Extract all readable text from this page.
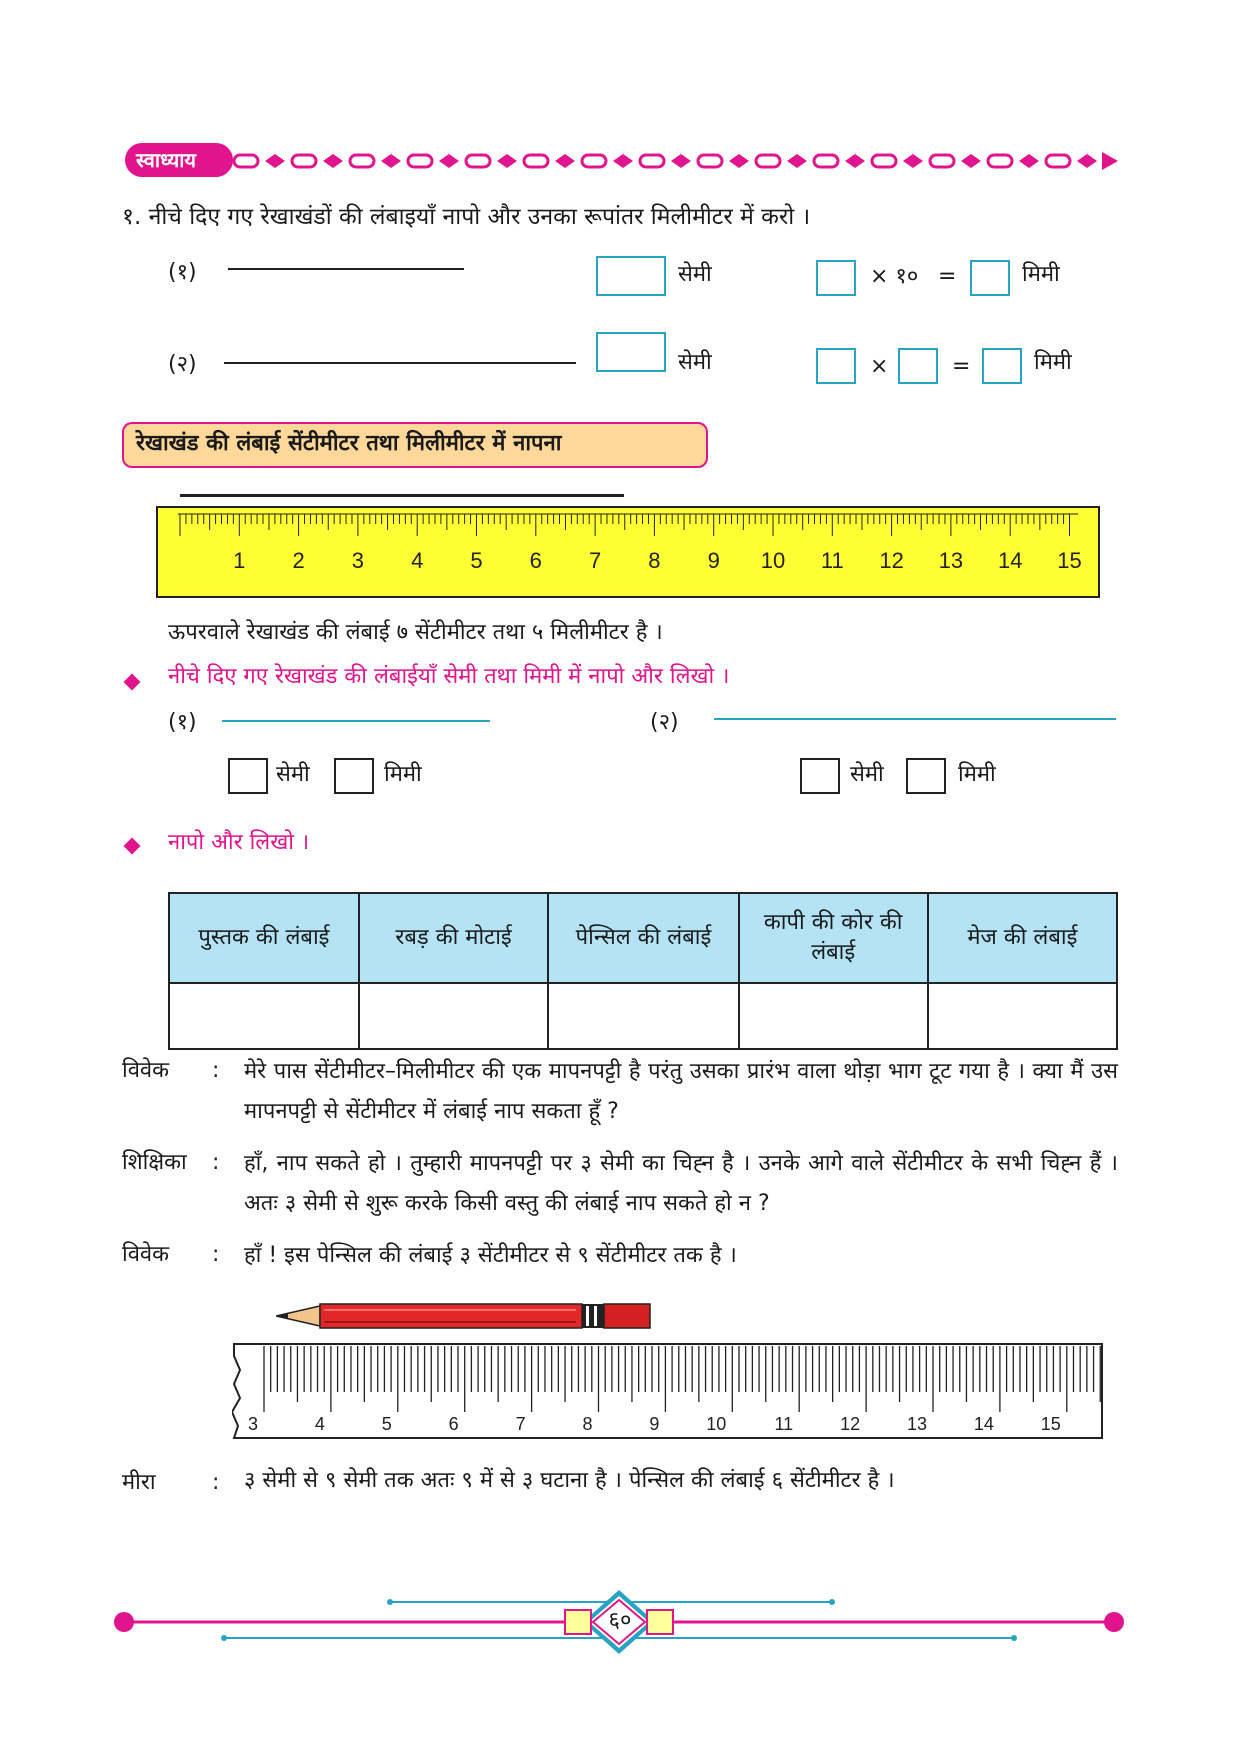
स्वाध्याय
१. नीचे दिए गए रेखाखंडों की लंबाइयाँ नापो और उनका रूपांतर मिलीमीटर में करो ।
(१)	सेमी	× १० =	मिमी
(२)	सेमी	×	=	मिमी
रेखाखंड की लंबाई सेंटीमीटर तथा मिलीमीटर में नापना
1 2 3 4 5 6 7 8 9 10 11 12 13 14 15
ऊपरवाले रेखाखंड की लंबाई ७ सेंटीमीटर तथा ५ मिलीमीटर है ।
नीचे दिए गए रेखाखंड की लंबाईयाँ सेमी तथा मिमी में नापो और लिखो ।
(१)
सेमी	मिमी
(२)
सेमी	मिमी
नापो और लिखो ।
पुस्तक की लंबाई	रबड़ की मोटाई	पेन्सिल की लंबाई	कापी की कोर की लंबाई	मेज की लंबाई

विवेक : मेरे पास सेंटीमीटर–मिलीमीटर की एक मापनपट्टी है परंतु उसका प्रारंभ वाला थोड़ा भाग टूट गया है । क्या मैं उस मापनपट्टी से सेंटीमीटर में लंबाई नाप सकता हूँ ?
शिक्षिका : हाँ, नाप सकते हो । तुम्हारी मापनपट्टी पर ३ सेमी का चिह्‍न है । उनके आगे वाले सेंटीमीटर के सभी चिह्‍न हैं । अतः ३ सेमी से शुरू करके किसी वस्तु की लंबाई नाप सकते हो न ?
विवेक : हाँ ! इस पेन्सिल की लंबाई ३ सेंटीमीटर से ९ सेंटीमीटर तक है ।
3	4	5	6	7	8	9	10	11	12	13	14	15
मीरा	: ३ सेमी से ९ सेमी तक अतः ९ में से ३ घटाना है । पेन्सिल की लंबाई ६ सेंटीमीटर है ।
६०
